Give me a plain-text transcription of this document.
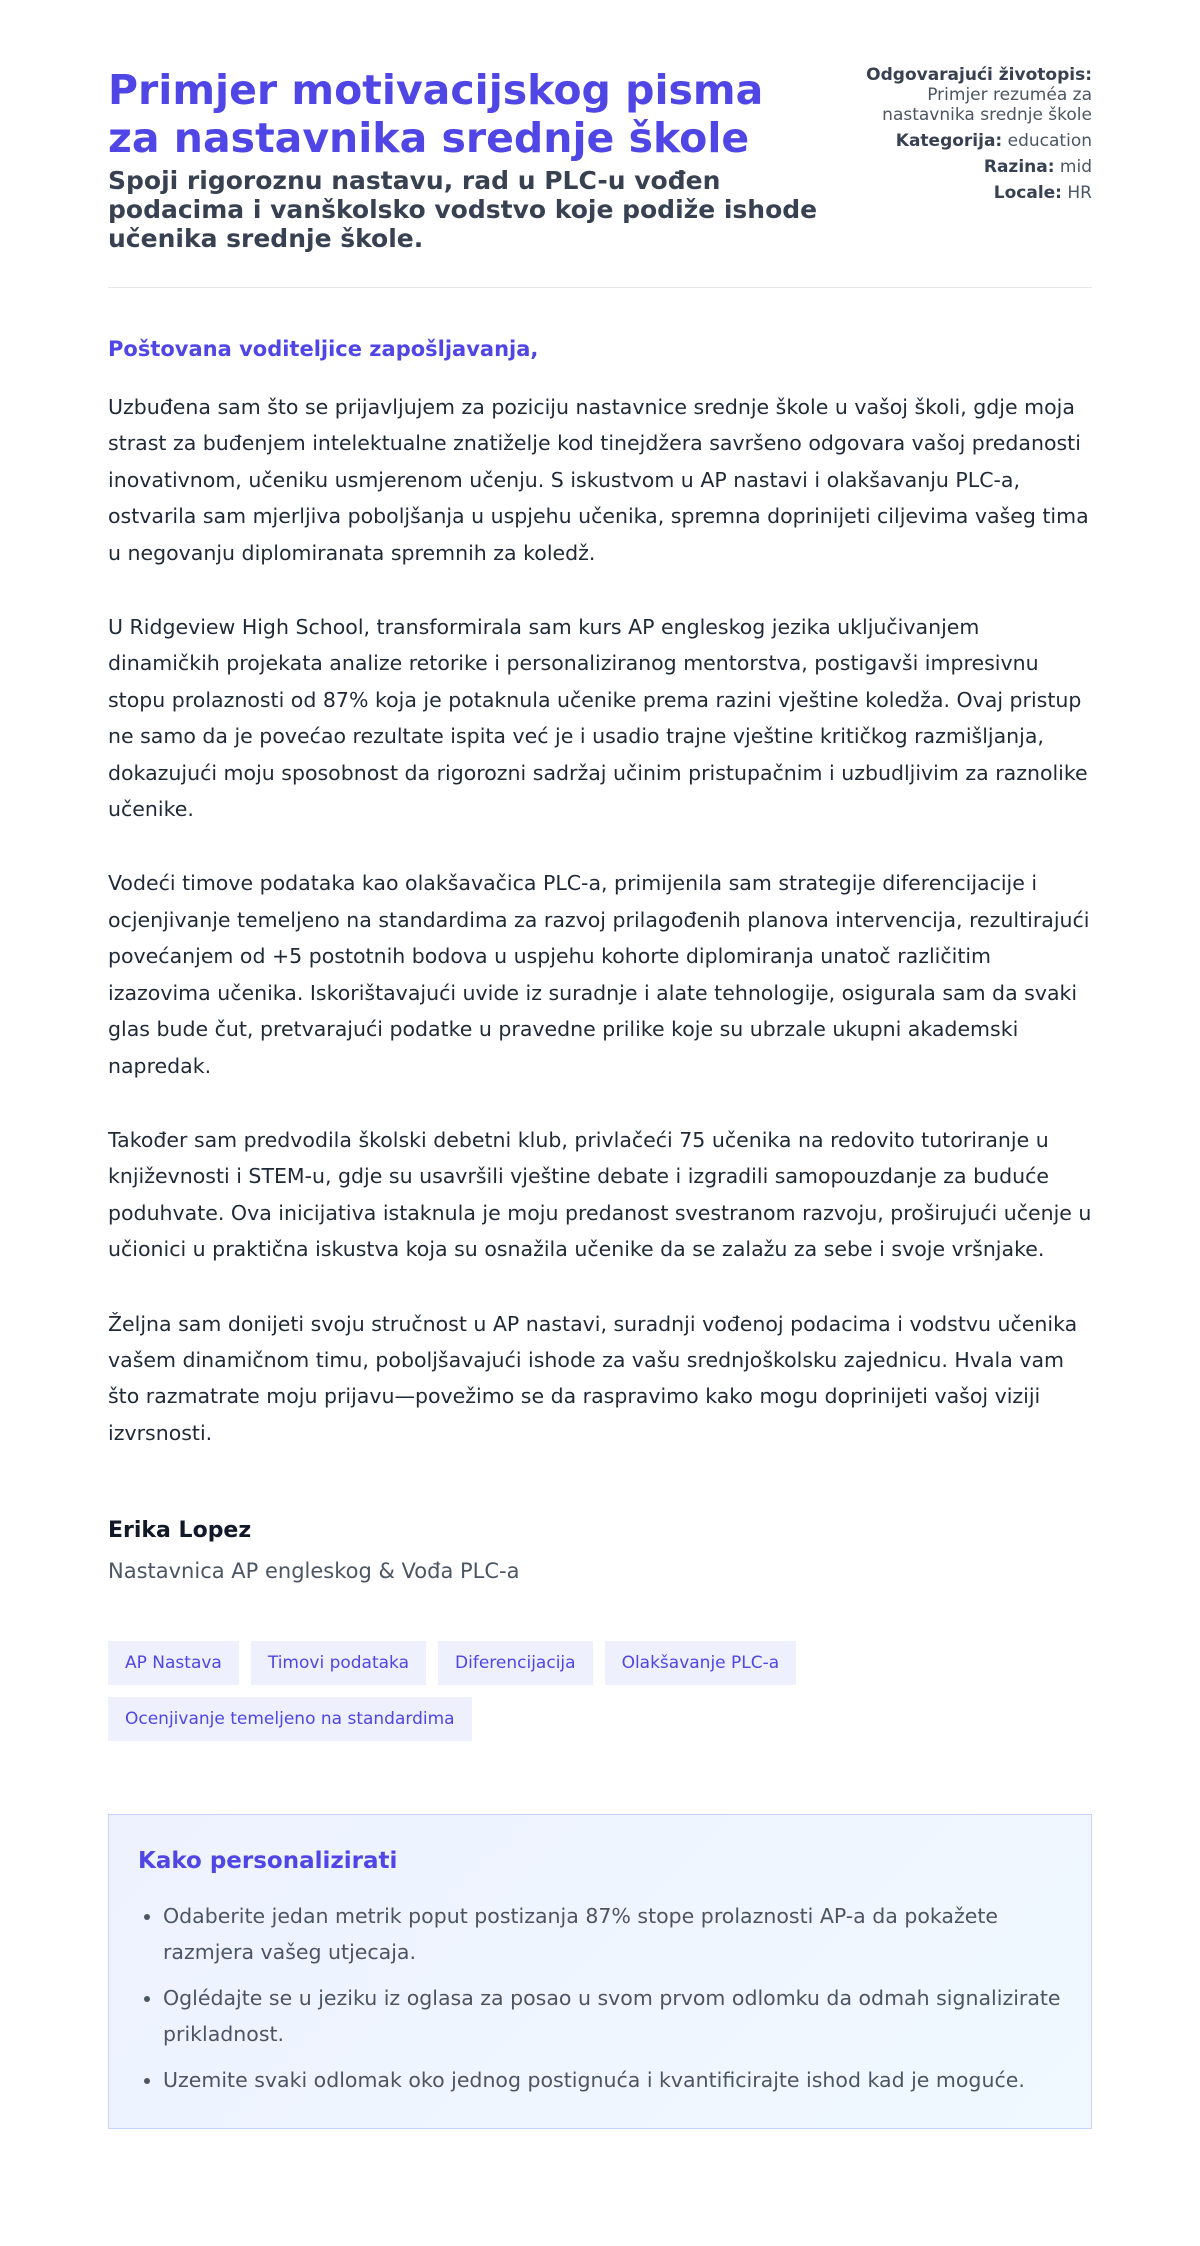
Primjer motivacijskog pisma za nastavnika srednje škole
Spoji rigoroznu nastavu, rad u PLC-u vođen podacima i vanškolsko vodstvo koje podiže ishode učenika srednje škole.
Odgovarajući životopis:
Primjer rezuméa za nastavnika srednje škole
Kategorija: education
Razina: mid
Locale: HR

Poštovana voditeljice zapošljavanja,

Uzbuđena sam što se prijavljujem za poziciju nastavnice srednje škole u vašoj školi, gdje moja strast za buđenjem intelektualne znatiželje kod tinejdžera savršeno odgovara vašoj predanosti inovativnom, učeniku usmjerenom učenju. S iskustvom u AP nastavi i olakšavanju PLC-a, ostvarila sam mjerljiva poboljšanja u uspjehu učenika, spremna doprinijeti ciljevima vašeg tima u negovanju diplomiranata spremnih za koledž.

U Ridgeview High School, transformirala sam kurs AP engleskog jezika uključivanjem dinamičkih projekata analize retorike i personaliziranog mentorstva, postigavši impresivnu stopu prolaznosti od 87% koja je potaknula učenike prema razini vještine koledža. Ovaj pristup ne samo da je povećao rezultate ispita već je i usadio trajne vještine kritičkog razmišljanja, dokazujući moju sposobnost da rigorozni sadržaj učinim pristupačnim i uzbudljivim za raznolike učenike.

Vodeći timove podataka kao olakšavačica PLC-a, primijenila sam strategije diferencijacije i ocjenjivanje temeljeno na standardima za razvoj prilagođenih planova intervencija, rezultirajući povećanjem od +5 postotnih bodova u uspjehu kohorte diplomiranja unatoč različitim izazovima učenika. Iskorištavajući uvide iz suradnje i alate tehnologije, osigurala sam da svaki glas bude čut, pretvarajući podatke u pravedne prilike koje su ubrzale ukupni akademski napredak.

Također sam predvodila školski debetni klub, privlačeći 75 učenika na redovito tutoriranje u književnosti i STEM-u, gdje su usavršili vještine debate i izgradili samopouzdanje za buduće poduhvate. Ova inicijativa istaknula je moju predanost svestranom razvoju, proširujući učenje u učionici u praktična iskustva koja su osnažila učenike da se zalažu za sebe i svoje vršnjake.

Željna sam donijeti svoju stručnost u AP nastavi, suradnji vođenoj podacima i vodstvu učenika vašem dinamičnom timu, poboljšavajući ishode za vašu srednjoškolsku zajednicu. Hvala vam što razmatrate moju prijavu—povežimo se da raspravimo kako mogu doprinijeti vašoj viziji izvrsnosti.

Erika Lopez
Nastavnica AP engleskog & Vođa PLC-a
AP Nastava	Timovi podataka	Diferencijacija	Olakšavanje PLC-a
Ocenjivanje temeljeno na standardima
Kako personalizirati
• Odaberite jedan metrik poput postizanja 87% stope prolaznosti AP-a da pokažete razmjera vašeg utjecaja.
• Oglédajte se u jeziku iz oglasa za posao u svom prvom odlomku da odmah signalizirate prikladnost.
• Uzemite svaki odlomak oko jednog postignuća i kvantificirajte ishod kad je moguće.
